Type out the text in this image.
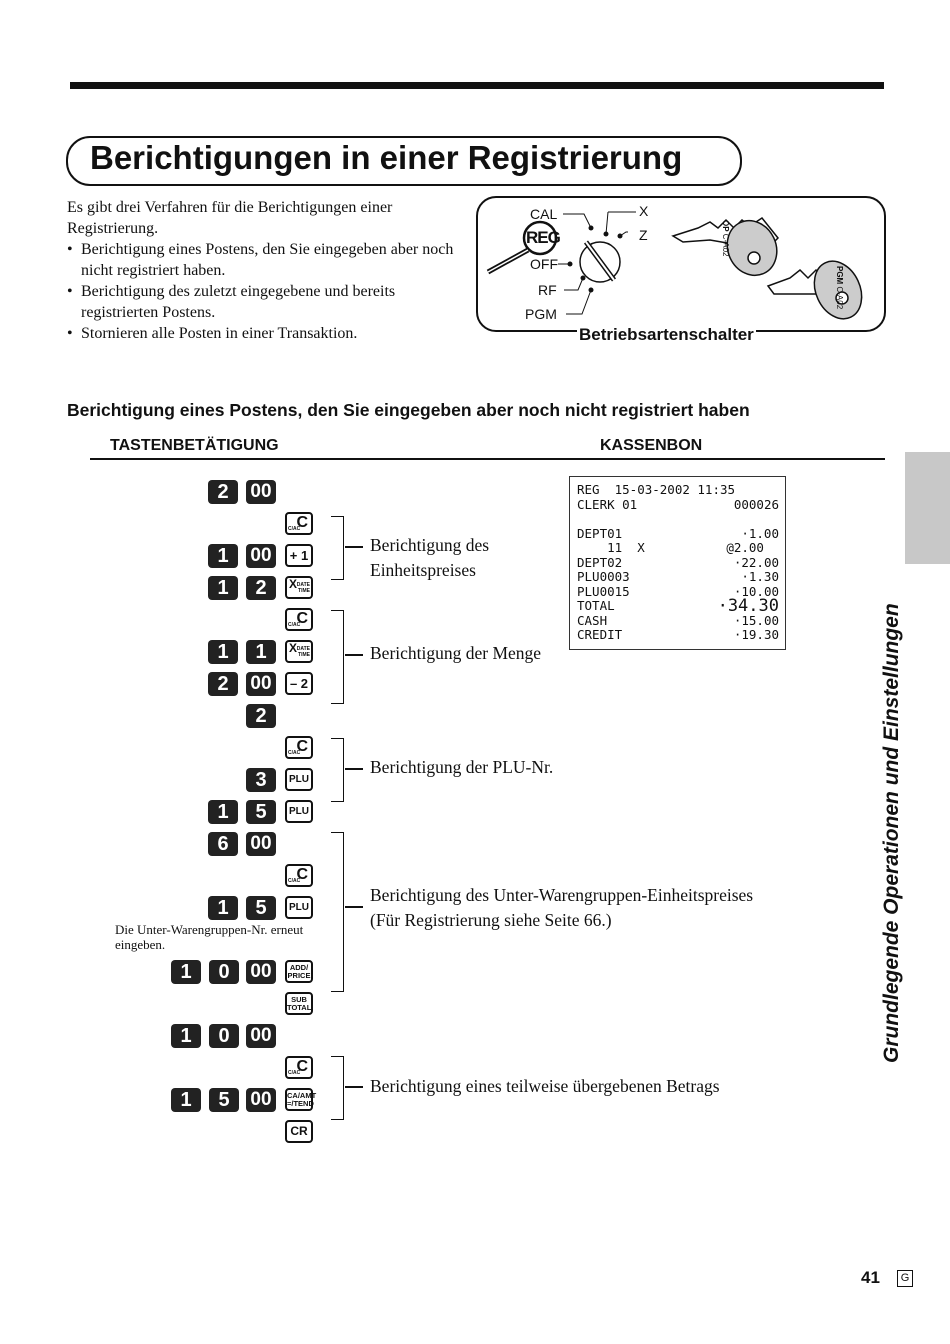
Berichtigungen in einer Registrierung

Es gibt drei Verfahren für die Berichtigungen einer Registrierung.

• Berichtigung eines Postens, den Sie eingegeben aber noch nicht registriert haben.
• Berichtigung des zuletzt eingegebene und bereits registrierten Postens.
• Stornieren alle Posten in einer Transaktion.
CAL
REG
OFF
RF
PGM
X
Z
OP C-A02
PGM C-A02
Betriebsartenschalter
Berichtigung eines Postens, den Sie eingegeben aber noch nicht registriert haben
TASTENBETÄTIGUNG	KASSENBON
2	00
C
C/AC
1	00	+ 1
1	2	X DATE
TIME
C
C/AC
1	1	X DATE
TIME
2	00	– 2
2
C
C/AC
3	PLU
1	5	PLU
6	00
C
C/AC
1	5	PLU
Die Unter-Warengruppen-Nr. erneut eingeben.
1	0	00	ADD/
PRICE
SUB
TOTAL
1	0	00
C
C/AC
1	5	00	CA/AMT
=/TEND
CR
Berichtigung des Einheitspreises
Berichtigung der Menge
Berichtigung der PLU-Nr.
Berichtigung des Unter-Warengruppen-Einheitspreises (Für Registrierung siehe Seite 66.)
Berichtigung eines teilweise übergebenen Betrags
REG  15-03-2002 11:35
CLERK 01	000026

DEPT01	·1.00
11  X	@2.00
DEPT02	·22.00
PLU0003	·1.30
PLU0015	·10.00
TOTAL	·34.30
CASH	·15.00
CREDIT	·19.30	Grundlegende Operationen und Einstellungen
41	G
